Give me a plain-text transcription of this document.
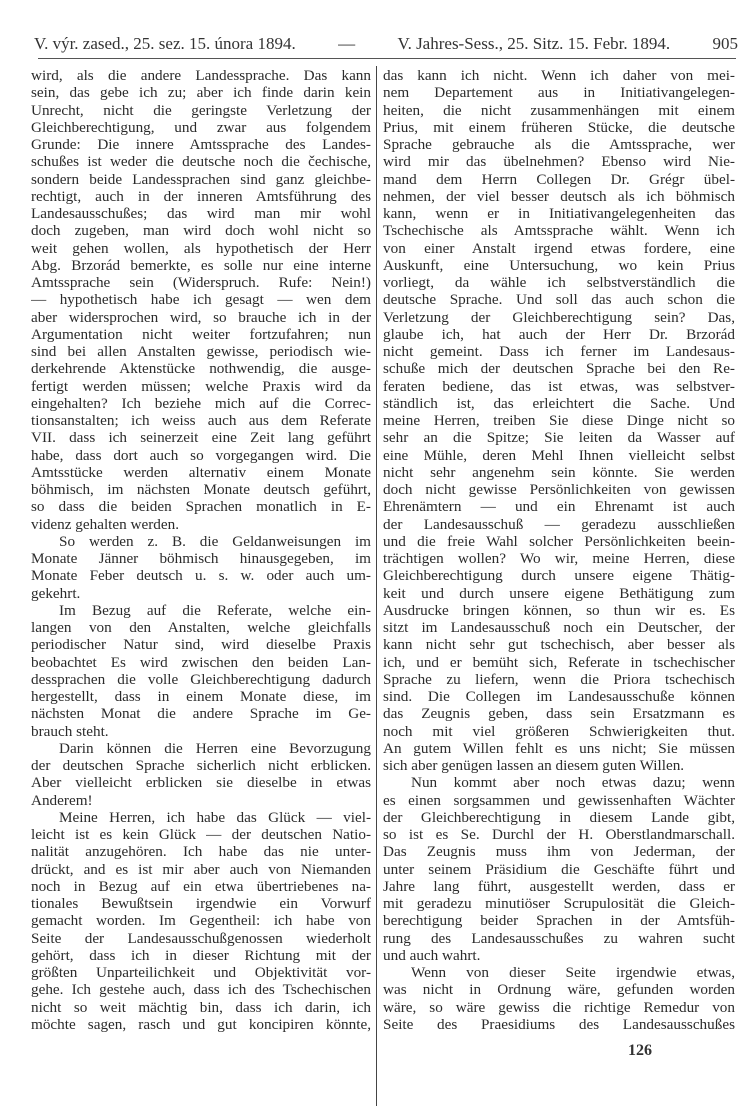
V. výr. zased., 25. sez. 15. února 1894. — V. Jahres-Sess., 25. Sitz. 15. Febr. 1894. 905
wird, als die andere Landessprache. Das kann
sein, das gebe ich zu; aber ich finde darin kein
Unrecht, nicht die geringste Verletzung der
Gleichberechtigung, und zwar aus folgendem
Grunde: Die innere Amtssprache des Landes-
schußes ist weder die deutsche noch die čechische,
sondern beide Landessprachen sind ganz gleichbe-
rechtigt, auch in der inneren Amtsführung des
Landesausschußes; das wird man mir wohl
doch zugeben, man wird doch wohl nicht so
weit gehen wollen, als hypothetisch der Herr
Abg. Brzorád bemerkte, es solle nur eine interne
Amtssprache sein (Widerspruch. Rufe: Nein!)
— hypothetisch habe ich gesagt — wen dem
aber widersprochen wird, so brauche ich in der
Argumentation nicht weiter fortzufahren; nun
sind bei allen Anstalten gewisse, periodisch wie-
derkehrende Aktenstücke nothwendig, die ausge-
fertigt werden müssen; welche Praxis wird da
eingehalten? Ich beziehe mich auf die Correc-
tionsanstalten; ich weiss auch aus dem Referate
VII. dass ich seinerzeit eine Zeit lang geführt
habe, dass dort auch so vorgegangen wird. Die
Amtsstücke werden alternativ einem Monate
böhmisch, im nächsten Monate deutsch geführt,
so dass die beiden Sprachen monatlich in E-
videnz gehalten werden.
So werden z. B. die Geldanweisungen im
Monate Jänner böhmisch hinausgegeben, im
Monate Feber deutsch u. s. w. oder auch um-
gekehrt.
Im Bezug auf die Referate, welche ein-
langen von den Anstalten, welche gleichfalls
periodischer Natur sind, wird dieselbe Praxis
beobachtet Es wird zwischen den beiden Lan-
dessprachen die volle Gleichberechtigung dadurch
hergestellt, dass in einem Monate diese, im
nächsten Monat die andere Sprache im Ge-
brauch steht.
Darin können die Herren eine Bevorzugung
der deutschen Sprache sicherlich nicht erblicken.
Aber vielleicht erblicken sie dieselbe in etwas
Anderem!
Meine Herren, ich habe das Glück — viel-
leicht ist es kein Glück — der deutschen Natio-
nalität anzugehören. Ich habe das nie unter-
drückt, and es ist mir aber auch von Niemanden
noch in Bezug auf ein etwa übertriebenes na-
tionales Bewußtsein irgendwie ein Vorwurf
gemacht worden. Im Gegentheil: ich habe von
Seite der Landesausschußgenossen wiederholt
gehört, dass ich in dieser Richtung mit der
größten Unparteilichkeit und Objektivität vor-
gehe. Ich gestehe auch, dass ich des Tschechischen
nicht so weit mächtig bin, dass ich darin, ich
möchte sagen, rasch und gut koncipiren könnte,
das kann ich nicht. Wenn ich daher von mei-
nem Departement aus in Initiativangelegen-
heiten, die nicht zusammenhängen mit einem
Prius, mit einem früheren Stücke, die deutsche
Sprache gebrauche als die Amtssprache, wer
wird mir das übelnehmen? Ebenso wird Nie-
mand dem Herrn Collegen Dr. Grégr übel-
nehmen, der viel besser deutsch als ich böhmisch
kann, wenn er in Initiativangelegenheiten das
Tschechische als Amtssprache wählt. Wenn ich
von einer Anstalt irgend etwas fordere, eine
Auskunft, eine Untersuchung, wo kein Prius
vorliegt, da wähle ich selbstverständlich die
deutsche Sprache. Und soll das auch schon die
Verletzung der Gleichberechtigung sein? Das,
glaube ich, hat auch der Herr Dr. Brzorád
nicht gemeint. Dass ich ferner im Landesaus-
schuße mich der deutschen Sprache bei den Re-
feraten bediene, das ist etwas, was selbstver-
ständlich ist, das erleichtert die Sache. Und
meine Herren, treiben Sie diese Dinge nicht so
sehr an die Spitze; Sie leiten da Wasser auf
eine Mühle, deren Mehl Ihnen vielleicht selbst
nicht sehr angenehm sein könnte. Sie werden
doch nicht gewisse Persönlichkeiten von gewissen
Ehrenämtern — und ein Ehrenamt ist auch
der Landesausschuß — geradezu ausschließen
und die freie Wahl solcher Persönlichkeiten beein-
trächtigen wollen? Wo wir, meine Herren, diese
Gleichberechtigung durch unsere eigene Thätig-
keit und durch unsere eigene Bethätigung zum
Ausdrucke bringen können, so thun wir es. Es
sitzt im Landesausschuß noch ein Deutscher, der
kann nicht sehr gut tschechisch, aber besser als
ich, und er bemüht sich, Referate in tschechischer
Sprache zu liefern, wenn die Priora tschechisch
sind. Die Collegen im Landesausschuße können
das Zeugnis geben, dass sein Ersatzmann es
noch mit viel größeren Schwierigkeiten thut.
An gutem Willen fehlt es uns nicht; Sie müssen
sich aber genügen lassen an diesem guten Willen.
Nun kommt aber noch etwas dazu; wenn
es einen sorgsammen und gewissenhaften Wächter
der Gleichberechtigung in diesem Lande gibt,
so ist es Se. Durchl der H. Oberstlandmarschall.
Das Zeugnis muss ihm von Jederman, der
unter seinem Präsidium die Geschäfte führt und
Jahre lang führt, ausgestellt werden, dass er
mit geradezu minutiöser Scrupulosität die Gleich-
berechtigung beider Sprachen in der Amtsfüh-
rung des Landesausschußes zu wahren sucht
und auch wahrt.
Wenn von dieser Seite irgendwie etwas,
was nicht in Ordnung wäre, gefunden worden
wäre, so wäre gewiss die richtige Remedur von
Seite des Praesidiums des Landesausschußes
126
